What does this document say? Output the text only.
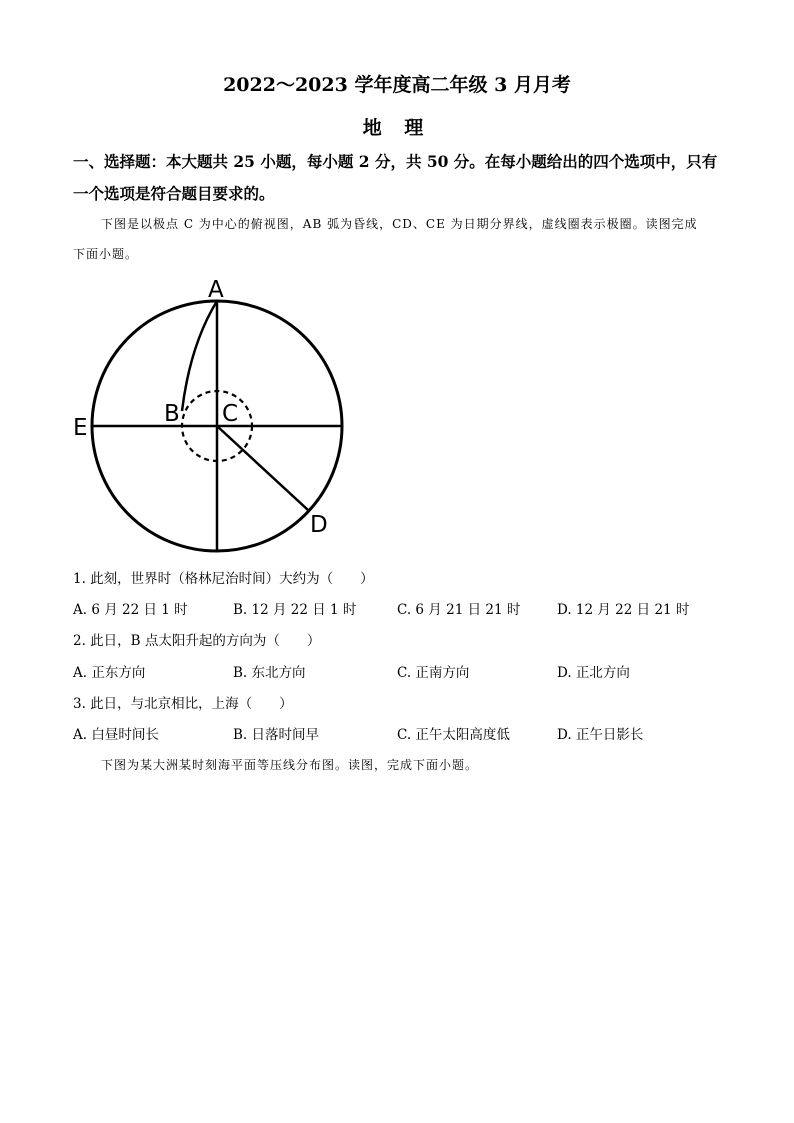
2022～2023 学年度高二年级 3 月月考
地 理
一、选择题：本大题共 25 小题，每小题 2 分，共 50 分。在每小题给出的四个选项中，只有
一个选项是符合题目要求的。
下图是以极点 C 为中心的俯视图，AB 弧为昏线，CD、CE 为日期分界线，虚线圈表示极圈。读图完成
下面小题。
A
B C
D
E
1. 此刻，世界时（格林尼治时间）大约为（　　）
A. 6 月 22 日 1 时	B. 12 月 22 日 1 时	C. 6 月 21 日 21 时	D. 12 月 22 日 21 时
2. 此日，B 点太阳升起的方向为（　　）
A. 正东方向	B. 东北方向	C. 正南方向	D. 正北方向
3. 此日，与北京相比，上海（　　）
A. 白昼时间长	B. 日落时间早	C. 正午太阳高度低	D. 正午日影长
下图为某大洲某时刻海平面等压线分布图。读图，完成下面小题。
